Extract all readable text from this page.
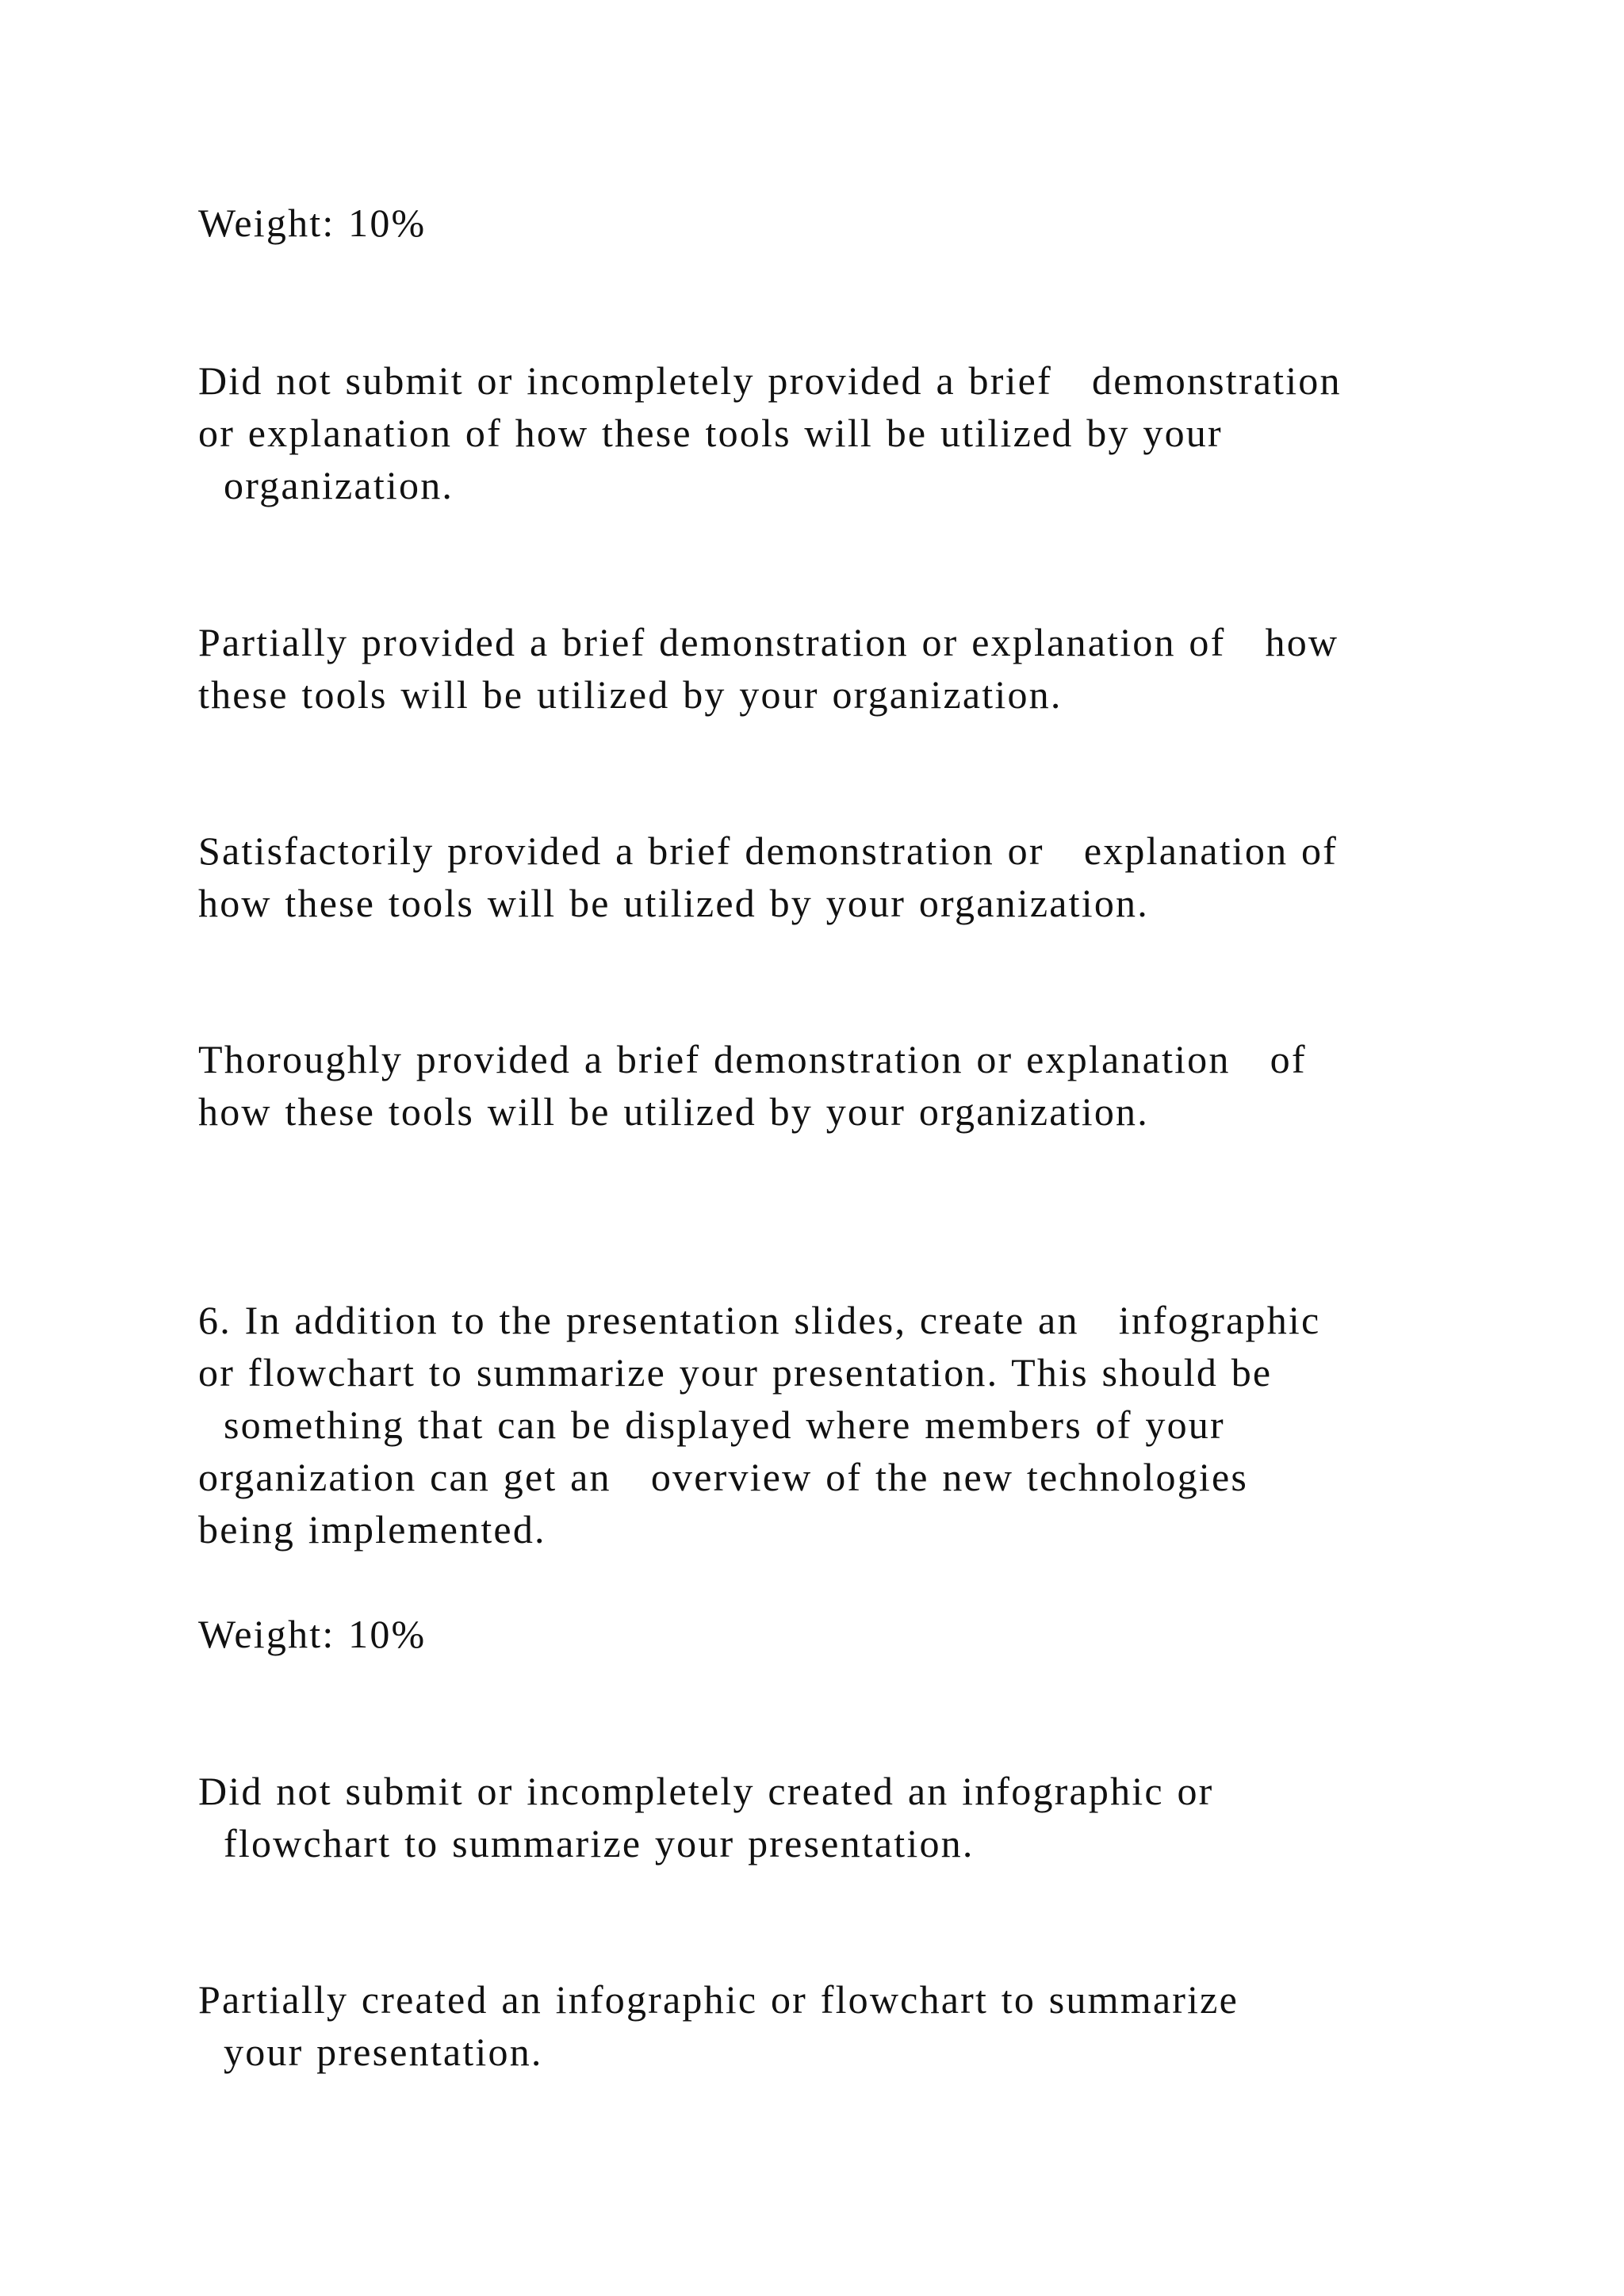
Weight: 10%

Did not submit or incompletely provided a brief   demonstration
or explanation of how these tools will be utilized by your
organization.

Partially provided a brief demonstration or explanation of   how
these tools will be utilized by your organization.

Satisfactorily provided a brief demonstration or   explanation of
how these tools will be utilized by your organization.

Thoroughly provided a brief demonstration or explanation   of
how these tools will be utilized by your organization.

6. In addition to the presentation slides, create an   infographic
or flowchart to summarize your presentation. This should be
something that can be displayed where members of your
organization can get an   overview of the new technologies
being implemented.

Weight: 10%

Did not submit or incompletely created an infographic or
flowchart to summarize your presentation.

Partially created an infographic or flowchart to summarize
your presentation.
